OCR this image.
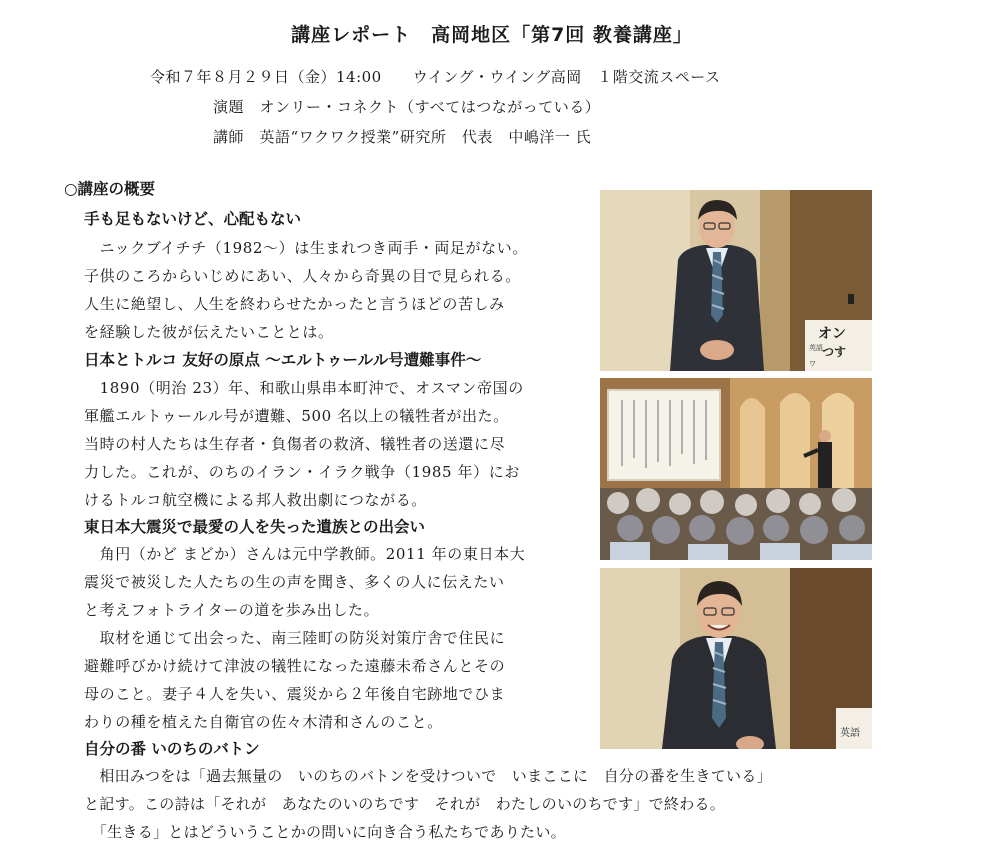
講座レポート　高岡地区「第7回 教養講座」
令和７年８月２９日（金）14:00　　ウイング・ウイング高岡　１階交流スペース
演題　オンリー・コネクト（すべてはつながっている）
講師　英語“ワクワク授業”研究所　代表　中嶋洋一 氏
○講座の概要
手も足もないけど、心配もない
　ニックブイチチ（1982～）は生まれつき両手・両足がない。
子供のころからいじめにあい、人々から奇異の目で見られる。
人生に絶望し、人生を終わらせたかったと言うほどの苦しみ
を経験した彼が伝えたいこととは。
日本とトルコ 友好の原点 ～エルトゥールル号遭難事件～
　1890（明治 23）年、和歌山県串本町沖で、オスマン帝国の
軍艦エルトゥールル号が遭難、500 名以上の犠牲者が出た。
当時の村人たちは生存者・負傷者の救済、犠牲者の送還に尽
力した。これが、のちのイラン・イラク戦争（1985 年）にお
けるトルコ航空機による邦人救出劇につながる。
東日本大震災で最愛の人を失った遺族との出会い
　角円（かど まどか）さんは元中学教師。2011 年の東日本大
震災で被災した人たちの生の声を聞き、多くの人に伝えたい
と考えフォトライターの道を歩み出した。
　取材を通じて出会った、南三陸町の防災対策庁舎で住民に
避難呼びかけ続けて津波の犠牲になった遠藤未希さんとその
母のこと。妻子４人を失い、震災から２年後自宅跡地でひま
わりの種を植えた自衛官の佐々木清和さんのこと。
自分の番 いのちのバトン
　相田みつをは「過去無量の　いのちのバトンを受けついで　いまここに　自分の番を生きている」
と記す。この詩は「それが　あなたのいのちです　それが　わたしのいのちです」で終わる。
　「生きる」とはどういうことかの問いに向き合う私たちでありたい。
オン
つす
英語
ワ
英語
